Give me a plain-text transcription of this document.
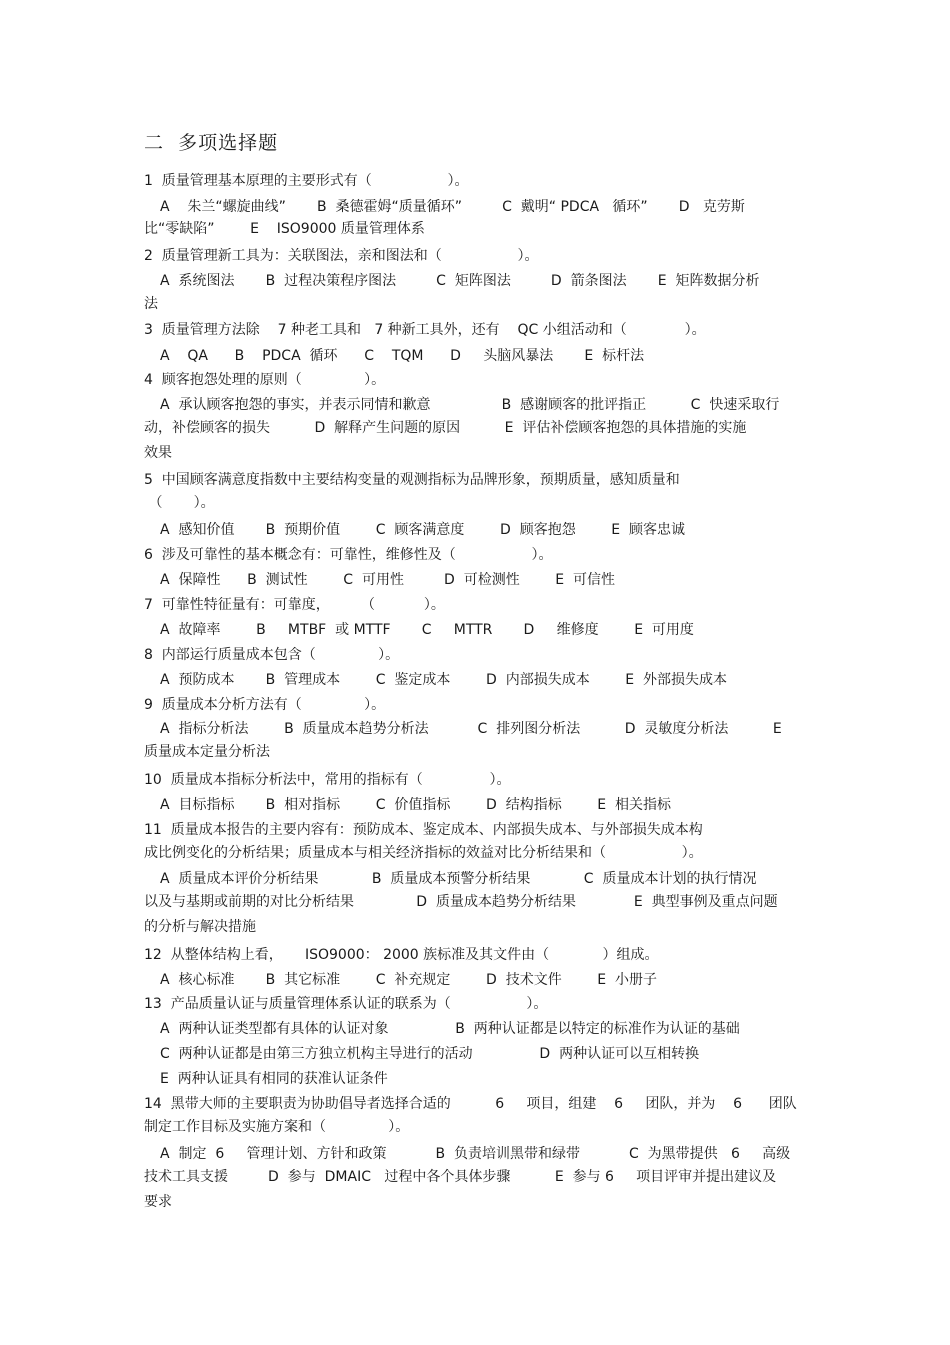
二  多项选择题

1  质量管理基本原理的主要形式有（                 ）。

A    朱兰“螺旋曲线”       B  桑德霍姆“质量循环”         C  戴明“ PDCA   循环”       D   克劳斯

比“零缺陷”        E    ISO9000 质量管理体系

2  质量管理新工具为：关联图法，亲和图法和（                 ）。

A  系统图法       B  过程决策程序图法         C  矩阵图法         D  箭条图法       E  矩阵数据分析

法

3  质量管理方法除    7 种老工具和   7 种新工具外，还有    QC 小组活动和（             ）。

A    QA      B    PDCA  循环      C    TQM      D     头脑风暴法       E  标杆法

4  顾客抱怨处理的原则（              ）。

A  承认顾客抱怨的事实，并表示同情和歉意                B  感谢顾客的批评指正          C  快速采取行

动，补偿顾客的损失          D  解释产生问题的原因          E  评估补偿顾客抱怨的具体措施的实施

效果

5  中国顾客满意度指数中主要结构变量的观测指标为品牌形象，预期质量，感知质量和

（       ）。

A  感知价值       B  预期价值        C  顾客满意度        D  顾客抱怨        E  顾客忠诚

6  涉及可靠性的基本概念有：可靠性，维修性及（                 ）。

A  保障性      B  测试性        C  可用性         D  可检测性        E  可信性

7  可靠性特征量有：可靠度，       （           ）。

A  故障率        B     MTBF  或 MTTF       C     MTTR       D     维修度        E  可用度

8  内部运行质量成本包含（              ）。

A  预防成本       B  管理成本        C  鉴定成本        D  内部损失成本        E  外部损失成本

9  质量成本分析方法有（              ）。

A  指标分析法        B  质量成本趋势分析法           C  排列图分析法          D  灵敏度分析法          E

质量成本定量分析法

10  质量成本指标分析法中，常用的指标有（               ）。

A  目标指标       B  相对指标        C  价值指标        D  结构指标        E  相关指标

11  质量成本报告的主要内容有：预防成本、鉴定成本、内部损失成本、与外部损失成本构

成比例变化的分析结果；质量成本与相关经济指标的效益对比分析结果和（                 ）。

A  质量成本评价分析结果            B  质量成本预警分析结果            C  质量成本计划的执行情况

以及与基期或前期的对比分析结果              D  质量成本趋势分析结果             E  典型事例及重点问题

的分析与解决措施

12  从整体结构上看，     ISO9000： 2000 族标准及其文件由（            ）组成。

A  核心标准       B  其它标准        C  补充规定        D  技术文件        E  小册子

13  产品质量认证与质量管理体系认证的联系为（                 ）。

A  两种认证类型都有具体的认证对象               B  两种认证都是以特定的标准作为认证的基础

C  两种认证都是由第三方独立机构主导进行的活动               D  两种认证可以互相转换

E  两种认证具有相同的获准认证条件

14  黑带大师的主要职责为协助倡导者选择合适的          6     项目，组建    6     团队，并为    6      团队

制定工作目标及实施方案和（              ）。

A  制定  6     管理计划、方针和政策           B  负责培训黑带和绿带           C  为黑带提供   6     高级

技术工具支援         D  参与  DMAIC   过程中各个具体步骤          E  参与 6     项目评审并提出建议及

要求
